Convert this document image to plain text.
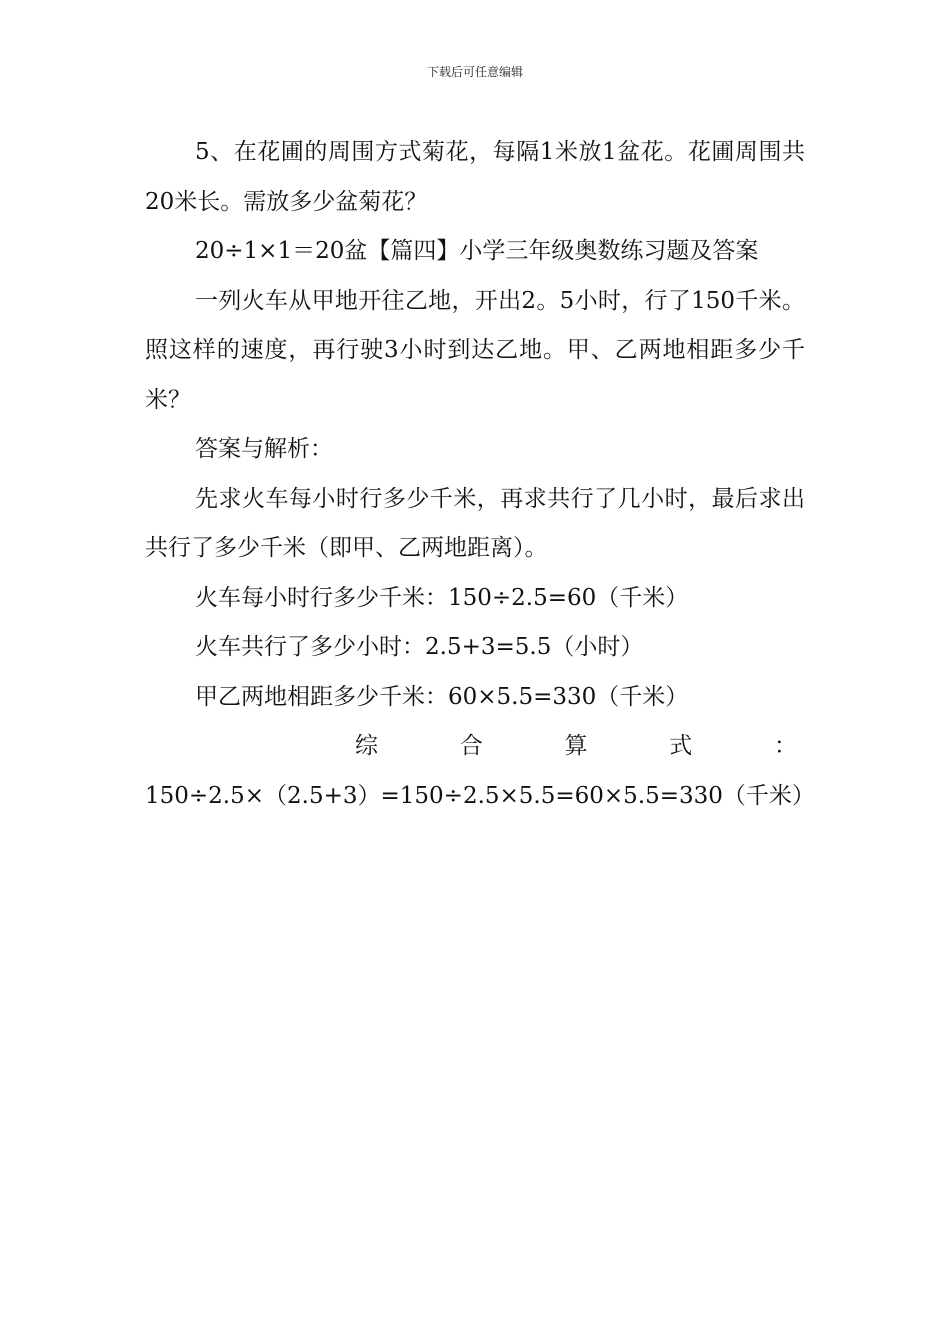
下载后可任意编辑

5、在花圃的周围方式菊花，每隔1米放1盆花。花圃周围共20米长。需放多少盆菊花？

20÷1×1＝20盆【篇四】小学三年级奥数练习题及答案

一列火车从甲地开往乙地，开出2。5小时，行了150千米。照这样的速度，再行驶3小时到达乙地。甲、乙两地相距多少千米？

答案与解析：

先求火车每小时行多少千米，再求共行了几小时，最后求出共行了多少千米（即甲、乙两地距离）。

火车每小时行多少千米：150÷2.5=60（千米）

火车共行了多少小时：2.5+3=5.5（小时）

甲乙两地相距多少千米：60×5.5=330（千米）

综	合	算	式	：

150÷2.5×（2.5+3）=150÷2.5×5.5=60×5.5=330（千米）
